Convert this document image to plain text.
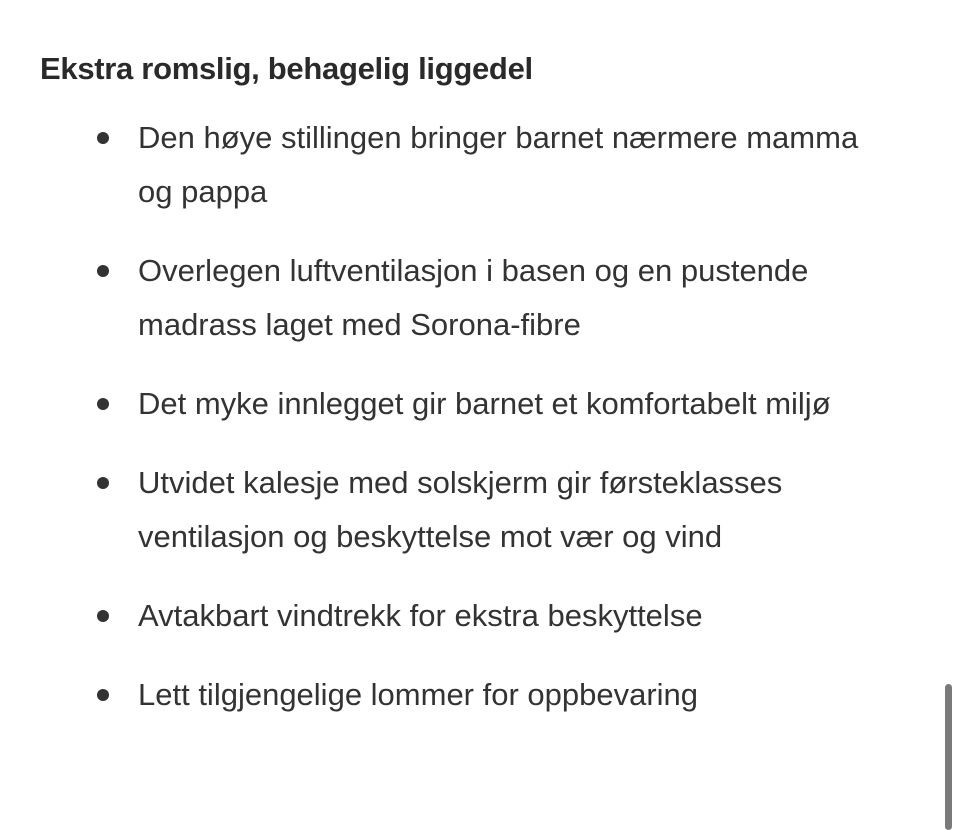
Ekstra romslig, behagelig liggedel
Den høye stillingen bringer barnet nærmere mamma og pappa
Overlegen luftventilasjon i basen og en pustende madrass laget med Sorona-fibre
Det myke innlegget gir barnet et komfortabelt miljø
Utvidet kalesje med solskjerm gir førsteklasses ventilasjon og beskyttelse mot vær og vind
Avtakbart vindtrekk for ekstra beskyttelse
Lett tilgjengelige lommer for oppbevaring
